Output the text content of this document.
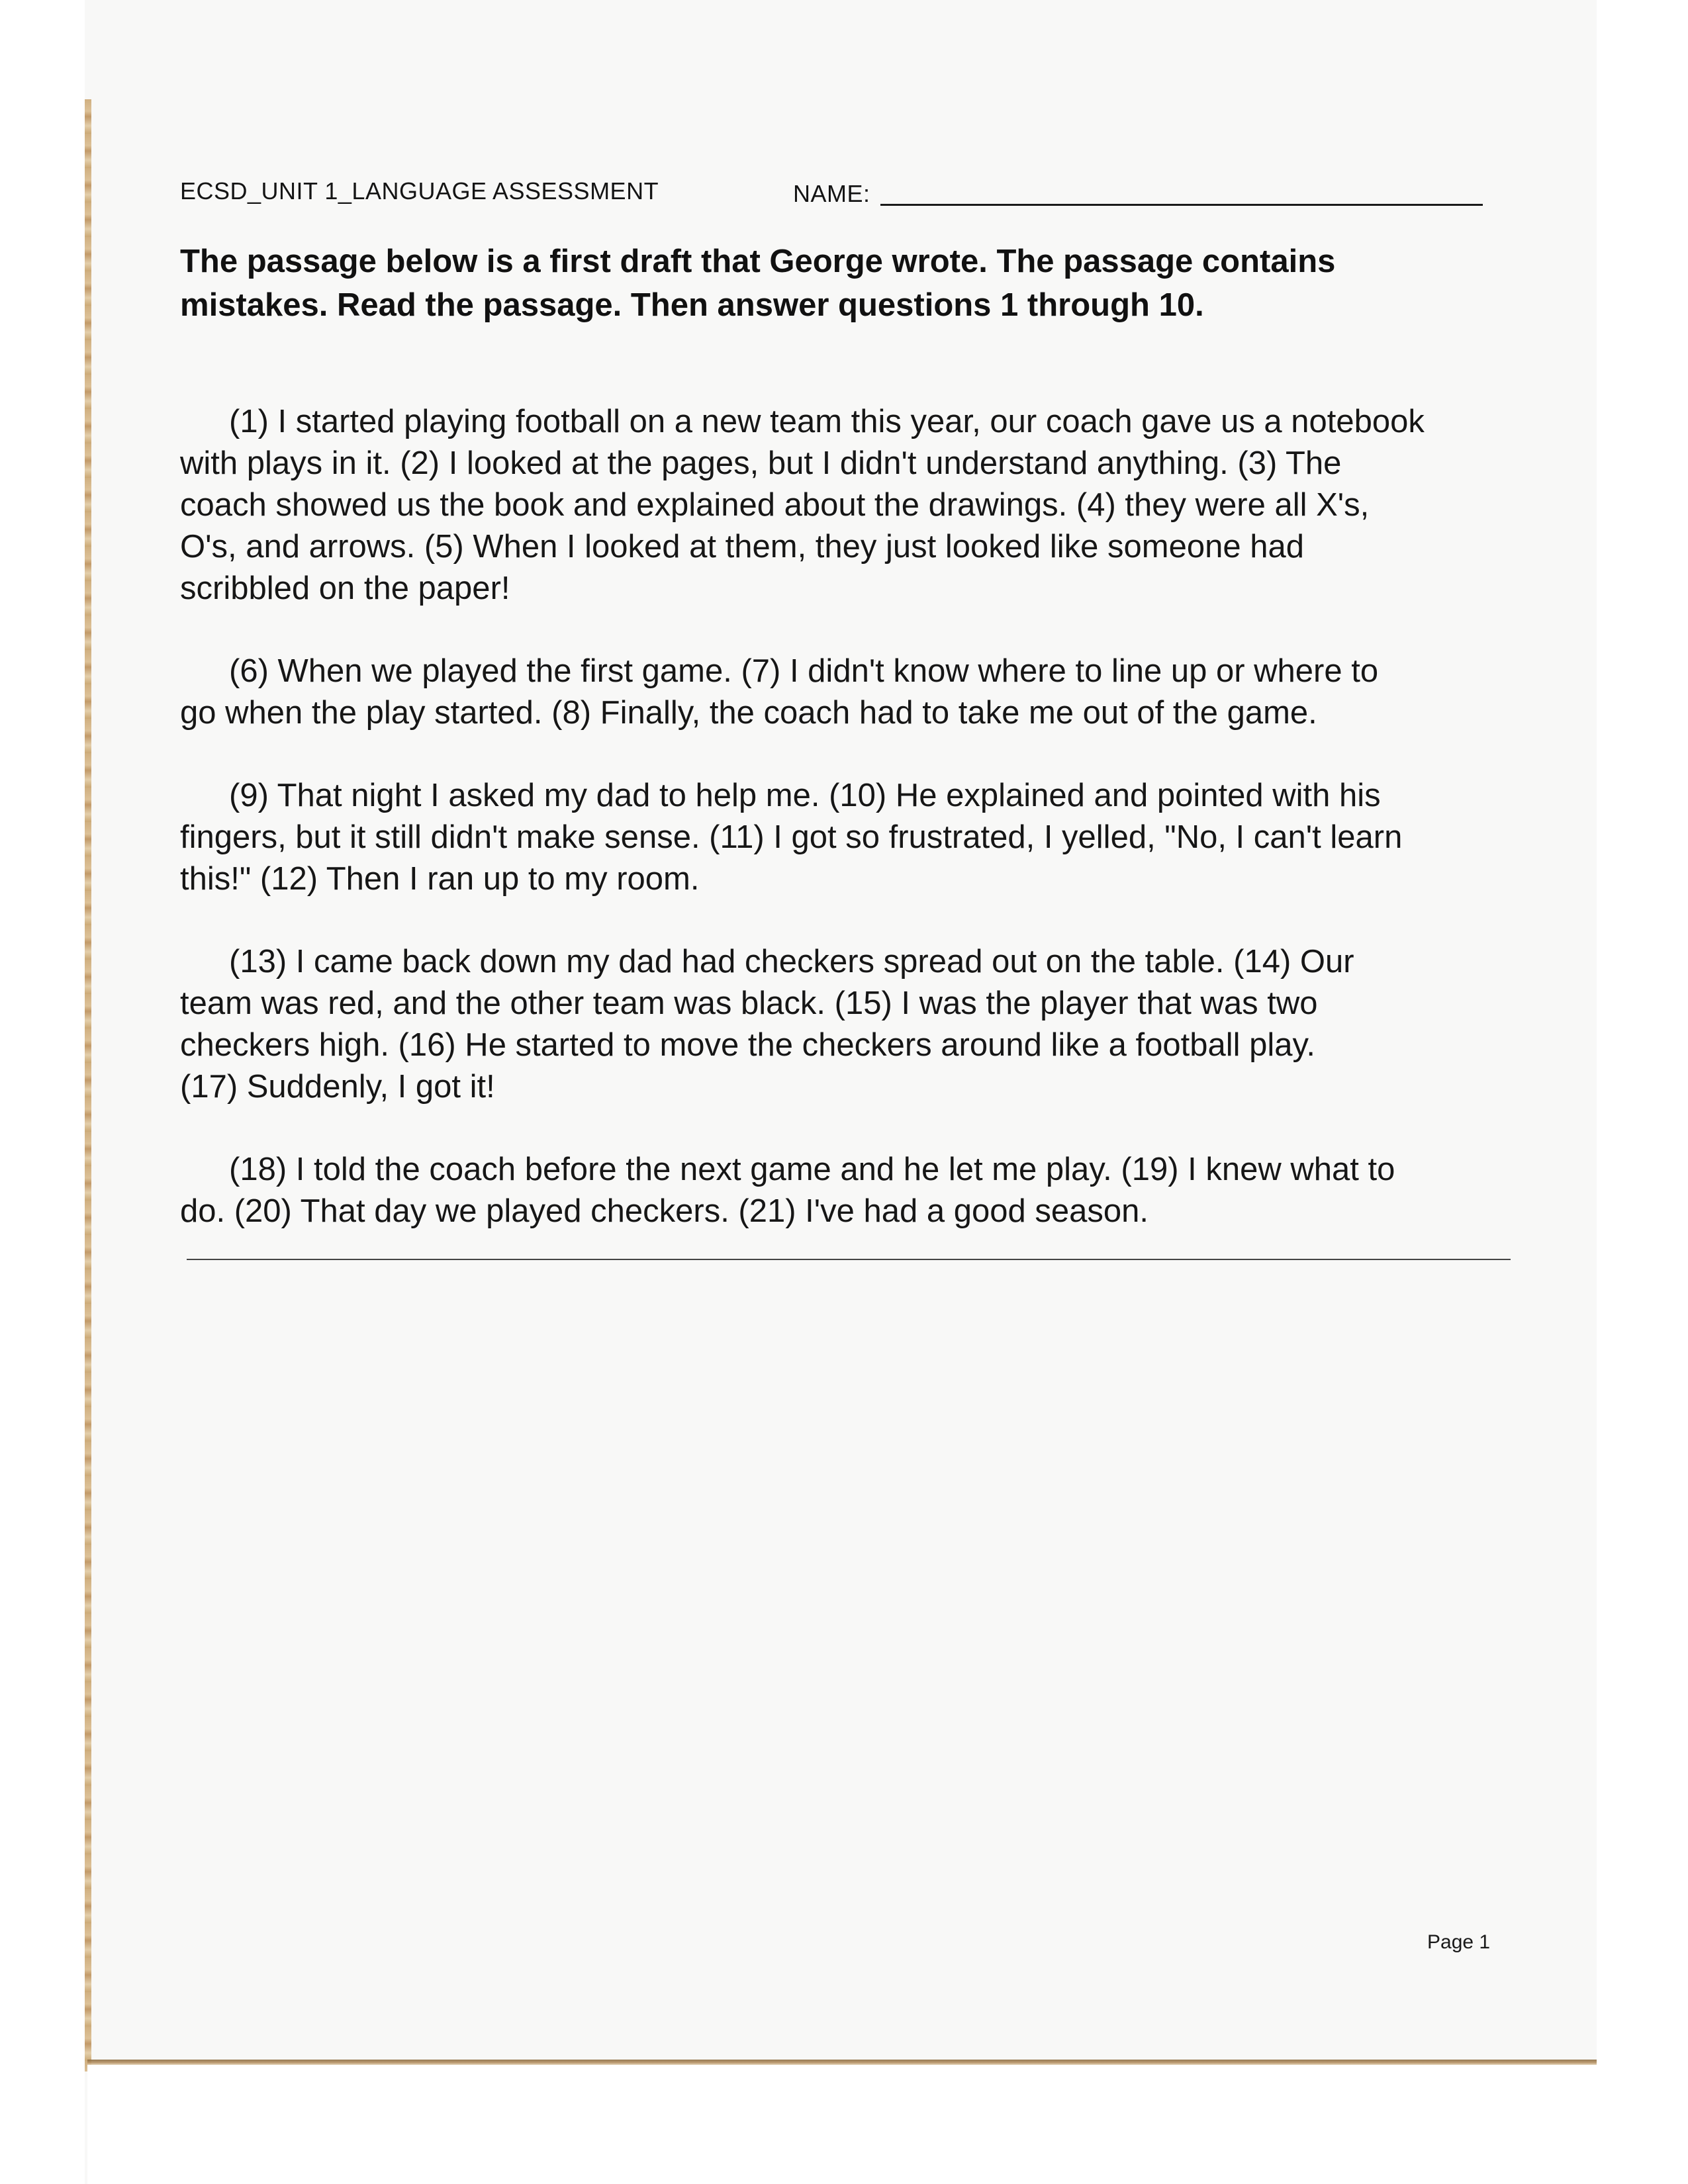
ECSD_UNIT 1_LANGUAGE ASSESSMENT	NAME:
The passage below is a first draft that George wrote. The passage contains
mistakes. Read the passage. Then answer questions 1 through 10.
(1) I started playing football on a new team this year, our coach gave us a notebook
with plays in it. (2) I looked at the pages, but I didn't understand anything. (3) The
coach showed us the book and explained about the drawings. (4) they were all X's,
O's, and arrows. (5) When I looked at them, they just looked like someone had
scribbled on the paper!
(6) When we played the first game. (7) I didn't know where to line up or where to
go when the play started. (8) Finally, the coach had to take me out of the game.
(9) That night I asked my dad to help me. (10) He explained and pointed with his
fingers, but it still didn't make sense. (11) I got so frustrated, I yelled, "No, I can't learn
this!" (12) Then I ran up to my room.
(13) I came back down my dad had checkers spread out on the table. (14) Our
team was red, and the other team was black. (15) I was the player that was two
checkers high. (16) He started to move the checkers around like a football play.
(17) Suddenly, I got it!
(18) I told the coach before the next game and he let me play. (19) I knew what to
do. (20) That day we played checkers. (21) I've had a good season.
Page 1
